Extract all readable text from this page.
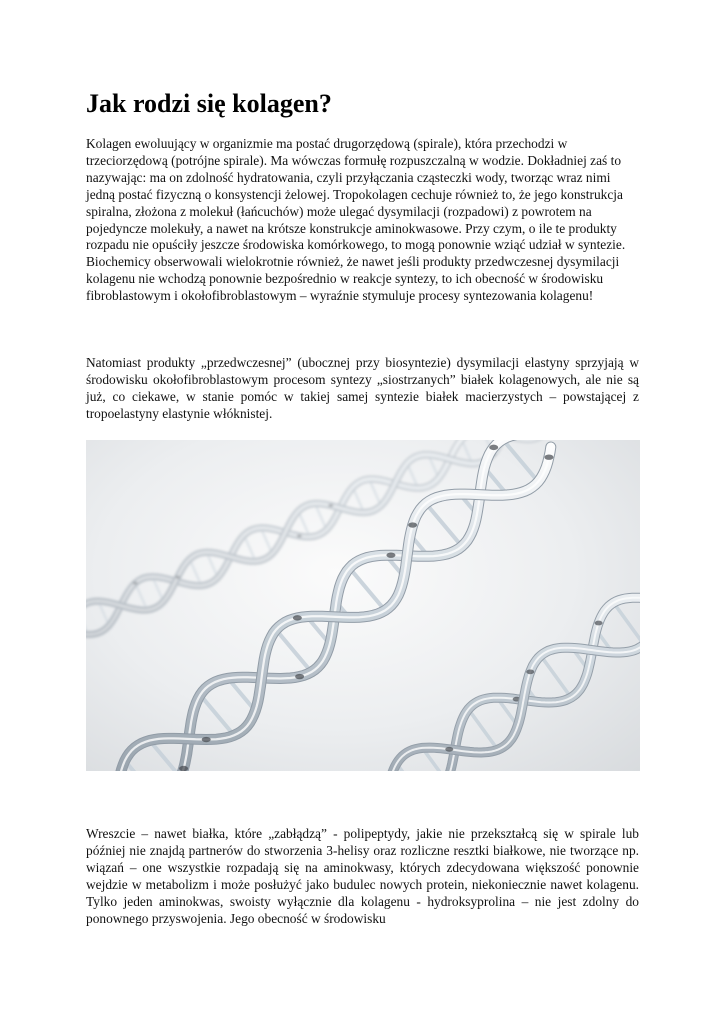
Jak rodzi się kolagen?

Kolagen ewoluujący w organizmie ma postać drugorzędową (spirale), która przechodzi w trzeciorzędową (potrójne spirale). Ma wówczas formułę rozpuszczalną w wodzie. Dokładniej zaś to nazywając: ma on zdolność hydratowania, czyli przyłączania cząsteczki wody, tworząc wraz nimi jedną postać fizyczną o konsystencji żelowej. Tropokolagen cechuje również to, że jego konstrukcja spiralna, złożona z molekuł (łańcuchów) może ulegać dysymilacji (rozpadowi) z powrotem na pojedyncze molekuły, a nawet na krótsze konstrukcje aminokwasowe. Przy czym, o ile te produkty rozpadu nie opuściły jeszcze środowiska komórkowego, to mogą ponownie wziąć udział w syntezie. Biochemicy obserwowali wielokrotnie również, że nawet jeśli produkty przedwczesnej dysymilacji kolagenu nie wchodzą ponownie bezpośrednio w reakcje syntezy, to ich obecność w środowisku fibroblastowym i okołofibroblastowym – wyraźnie stymuluje procesy syntezowania kolagenu!

Natomiast produkty „przedwczesnej” (ubocznej przy biosyntezie) dysymilacji elastyny sprzyjają w środowisku okołofibroblastowym procesom syntezy „siostrzanych” białek kolagenowych, ale nie są już, co ciekawe, w stanie pomóc w takiej samej syntezie białek macierzystych – powstającej z tropoelastyny elastynie włóknistej.

Wreszcie – nawet białka, które „zabłądzą” - polipeptydy, jakie nie przekształcą się w spirale lub później nie znajdą partnerów do stworzenia 3-helisy oraz rozliczne resztki białkowe, nie tworzące np. wiązań – one wszystkie rozpadają się na aminokwasy, których zdecydowana większość ponownie wejdzie w metabolizm i może posłużyć jako budulec nowych protein, niekoniecznie nawet kolagenu. Tylko jeden aminokwas, swoisty wyłącznie dla kolagenu - hydroksyprolina – nie jest zdolny do ponownego przyswojenia. Jego obecność w środowisku
